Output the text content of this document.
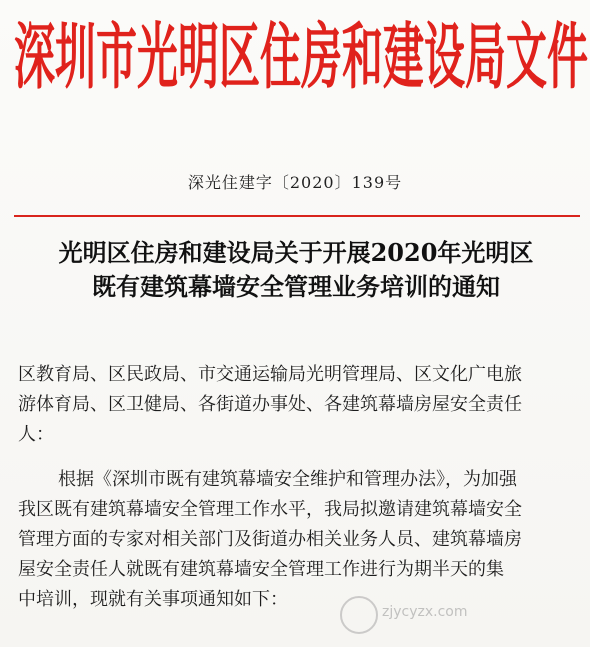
深圳市光明区住房和建设局文件
深光住建字〔2020〕139号
光明区住房和建设局关于开展2020年光明区
既有建筑幕墙安全管理业务培训的通知
区教育局、区民政局、市交通运输局光明管理局、区文化广电旅
游体育局、区卫健局、各街道办事处、各建筑幕墙房屋安全责任
人：
根据《深圳市既有建筑幕墙安全维护和管理办法》，为加强
我区既有建筑幕墙安全管理工作水平，我局拟邀请建筑幕墙安全
管理方面的专家对相关部门及街道办相关业务人员、建筑幕墙房
屋安全责任人就既有建筑幕墙安全管理工作进行为期半天的集
中培训，现就有关事项通知如下：
zjycyzx.com
